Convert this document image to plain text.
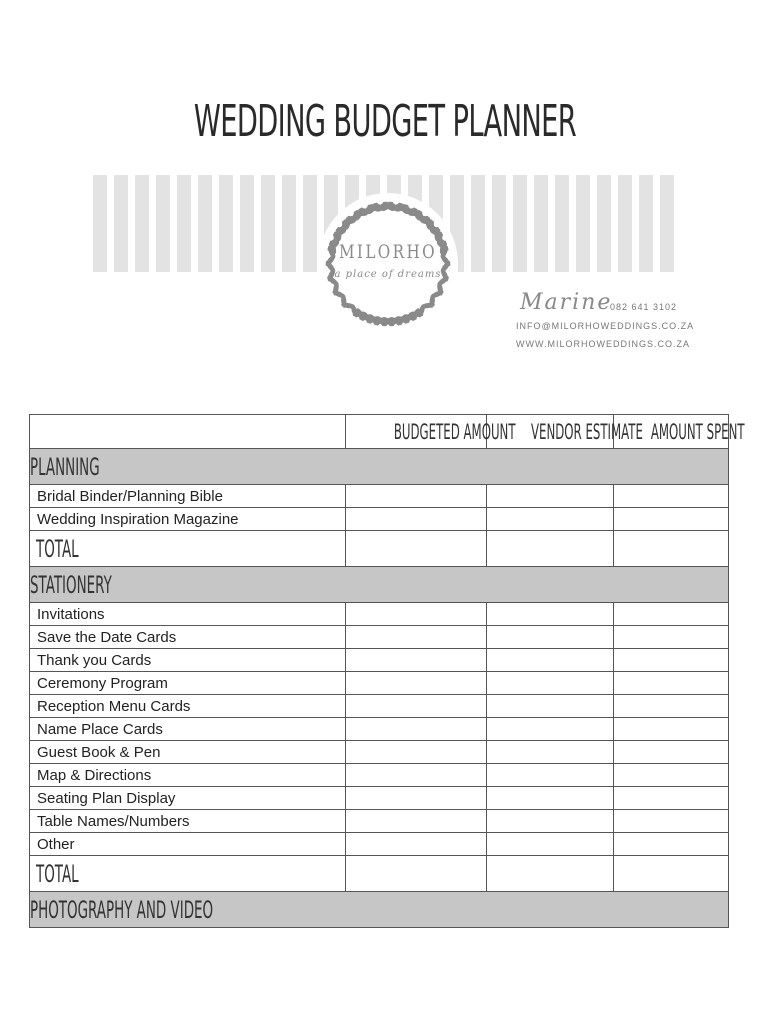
WEDDING BUDGET PLANNER
MILORHO
a place of dreams
Marine
082 641 3102
INFO@MILORHOWEDDINGS.CO.ZA
WWW.MILORHOWEDDINGS.CO.ZA
	BUDGETED AMOUNT	VENDOR ESTIMATE	AMOUNT SPENT
PLANNING			
Bridal Binder/Planning Bible			
Wedding Inspiration Magazine			
TOTAL			
STATIONERY			
Invitations			
Save the Date Cards			
Thank you Cards			
Ceremony Program			
Reception Menu Cards			
Name Place Cards			
Guest Book & Pen			
Map & Directions			
Seating Plan Display			
Table Names/Numbers			
Other			
TOTAL			
PHOTOGRAPHY AND VIDEO			
